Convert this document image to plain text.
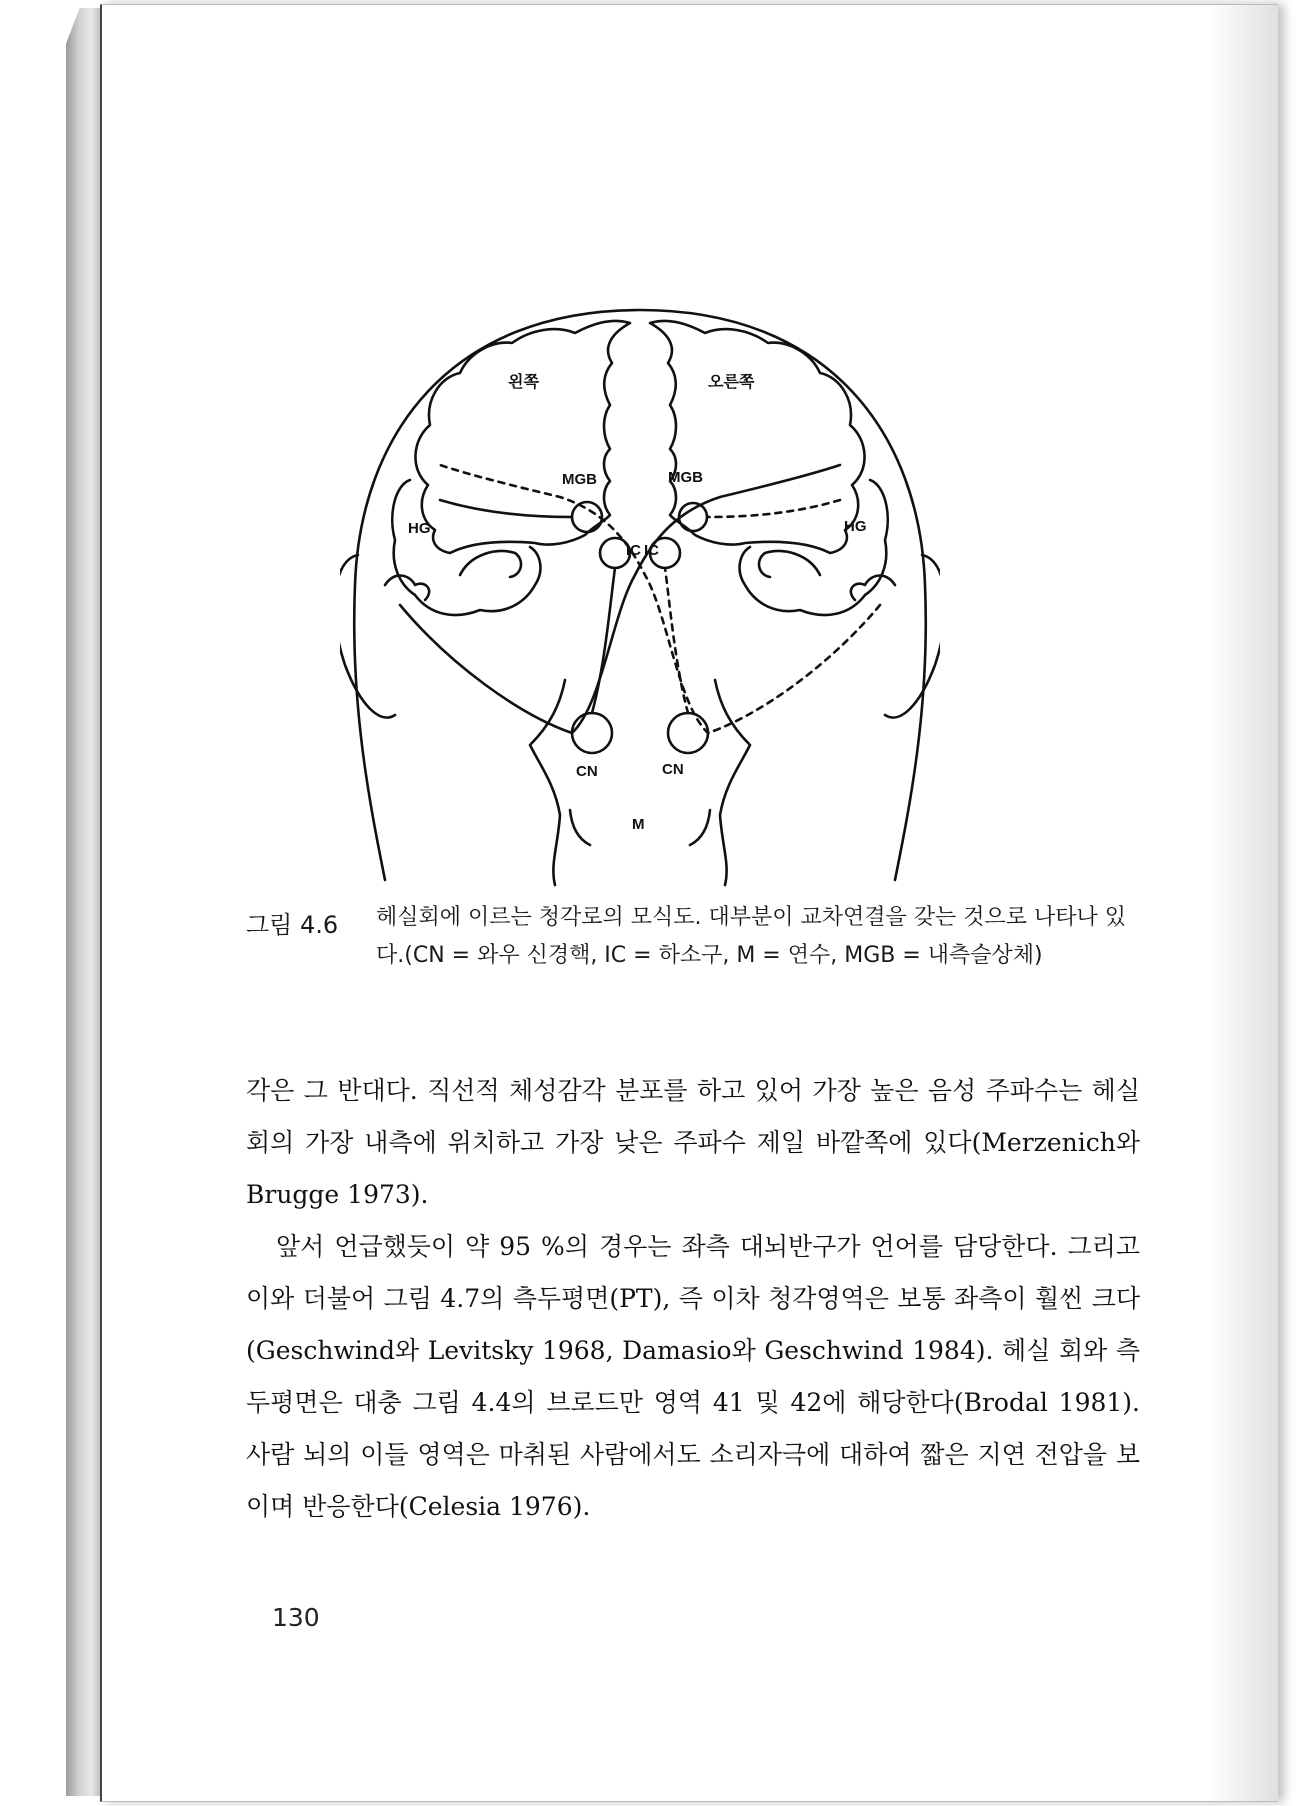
왼쪽	오른쪽
MGB	MGB
HG	HG
IC IC
CN	CN
M
그림 4.6	헤실회에 이르는 청각로의 모식도. 대부분이 교차연결을 갖는 것으로 나타나 있다.(CN = 와우 신경핵, IC = 하소구, M = 연수, MGB = 내측슬상체)

각은 그 반대다. 직선적 체성감각 분포를 하고 있어 가장 높은 음성 주파수는 헤실 회의 가장 내측에 위치하고 가장 낮은 주파수 제일 바깥쪽에 있다(Merzenich와 Brugge 1973).

앞서 언급했듯이 약 95 %의 경우는 좌측 대뇌반구가 언어를 담당한다. 그리고 이와 더불어 그림 4.7의 측두평면(PT), 즉 이차 청각영역은 보통 좌측이 훨씬 크다(Geschwind와 Levitsky 1968, Damasio와 Geschwind 1984). 헤실 회와 측두평면은 대충 그림 4.4의 브로드만 영역 41 및 42에 해당한다(Brodal 1981). 사람 뇌의 이들 영역은 마취된 사람에서도 소리자극에 대하여 짧은 지연 전압을 보이며 반응한다(Celesia 1976).

130
